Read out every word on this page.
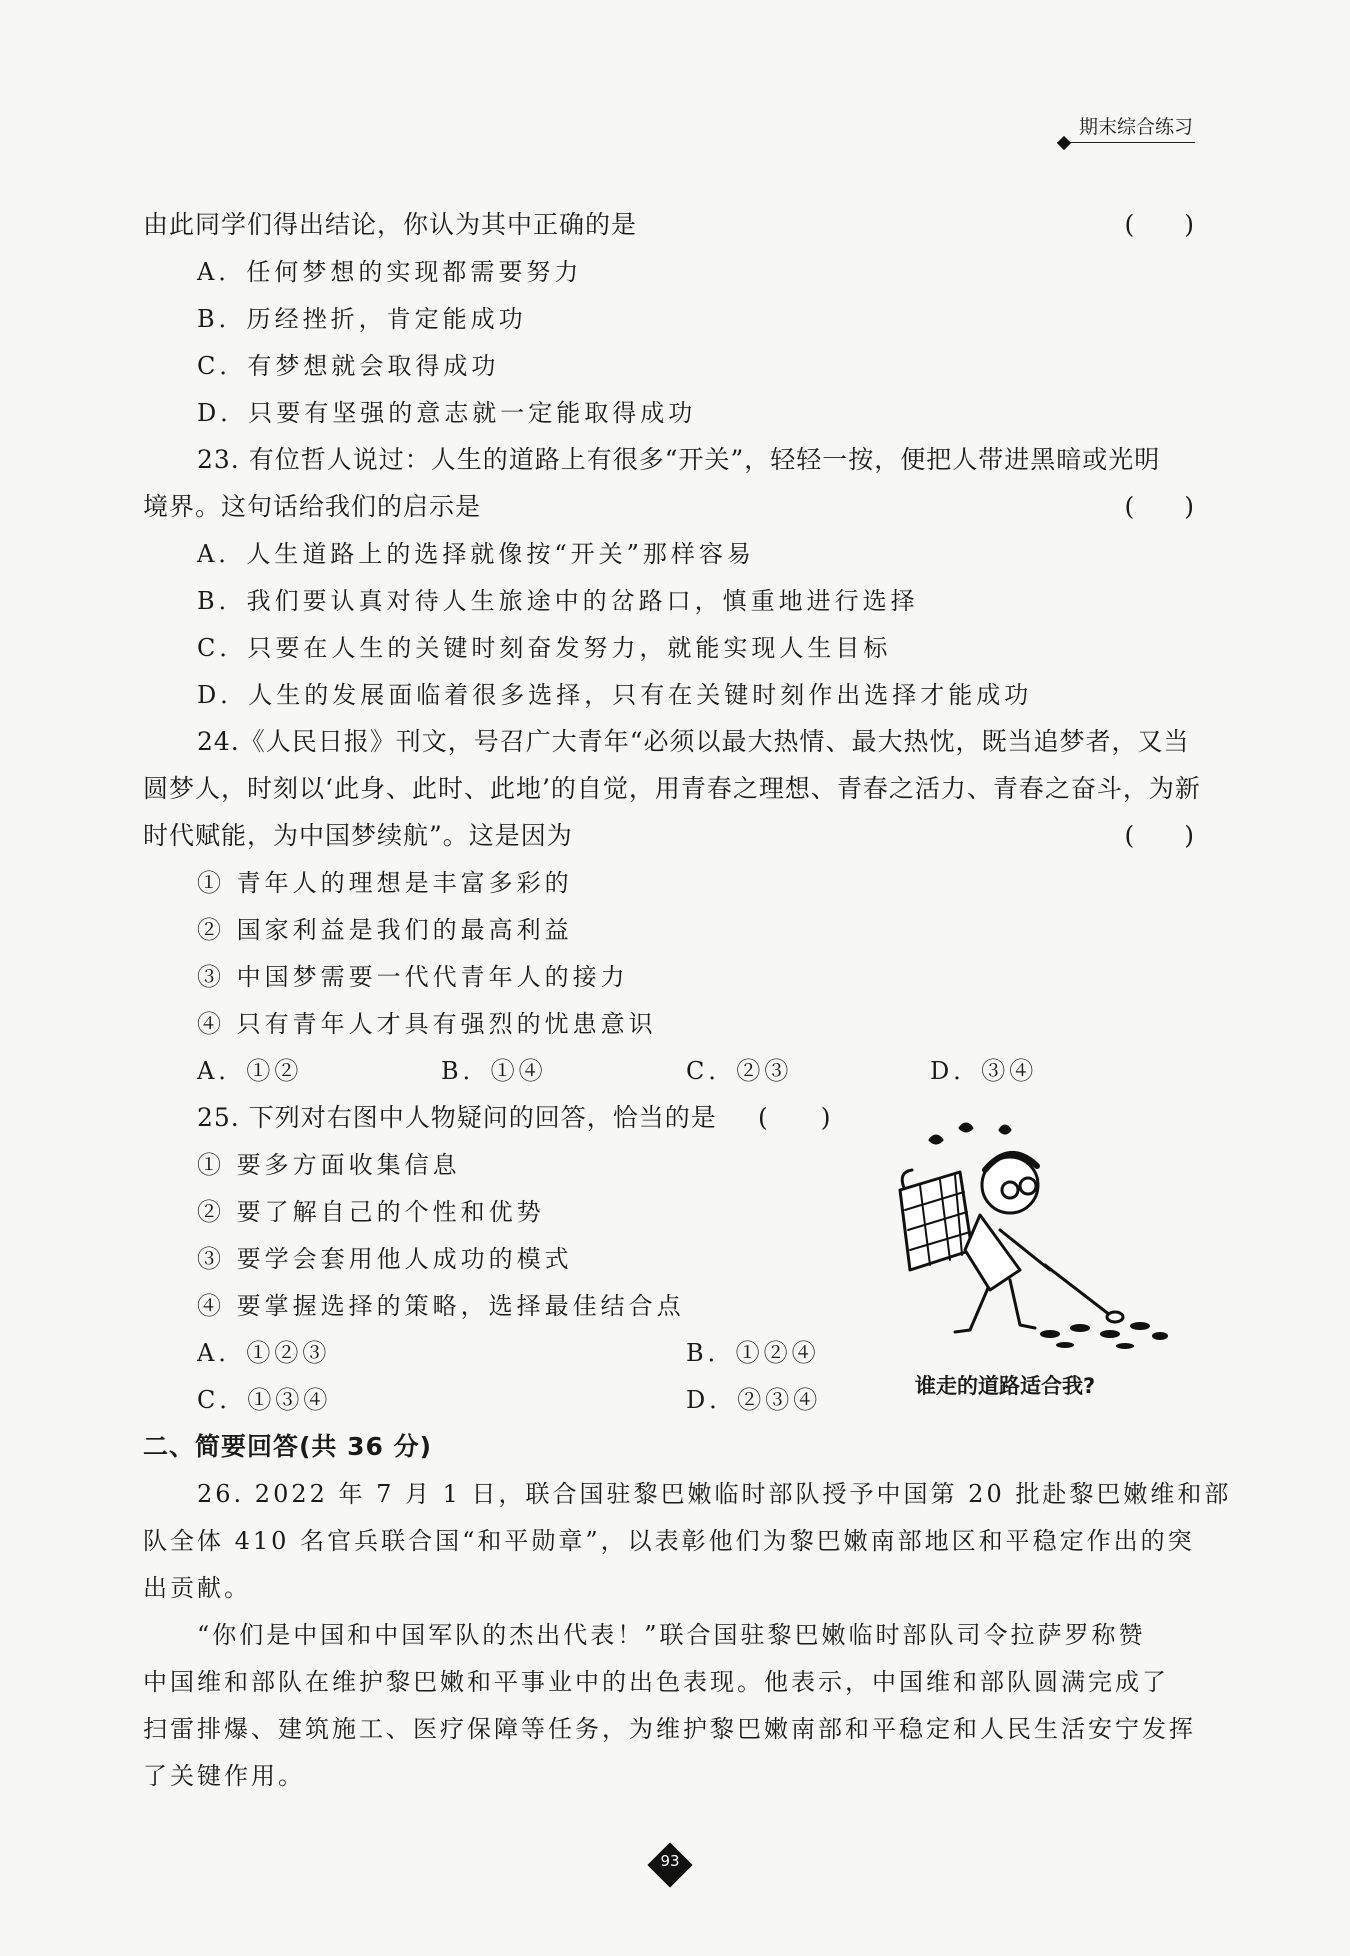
期末综合练习
由此同学们得出结论，你认为其中正确的是	(　　)
A．任何梦想的实现都需要努力
B．历经挫折，肯定能成功
C．有梦想就会取得成功
D．只要有坚强的意志就一定能取得成功
23. 有位哲人说过：人生的道路上有很多“开关”，轻轻一按，便把人带进黑暗或光明
境界。这句话给我们的启示是	(　　)
A．人生道路上的选择就像按“开关”那样容易
B．我们要认真对待人生旅途中的岔路口，慎重地进行选择
C．只要在人生的关键时刻奋发努力，就能实现人生目标
D．人生的发展面临着很多选择，只有在关键时刻作出选择才能成功
24.《人民日报》刊文，号召广大青年“必须以最大热情、最大热忱，既当追梦者，又当
圆梦人，时刻以‘此身、此时、此地’的自觉，用青春之理想、青春之活力、青春之奋斗，为新
时代赋能，为中国梦续航”。这是因为	(　　)
① 青年人的理想是丰富多彩的
② 国家利益是我们的最高利益
③ 中国梦需要一代代青年人的接力
④ 只有青年人才具有强烈的忧患意识
A．①②	B．①④	C．②③	D．③④
25. 下列对右图中人物疑问的回答，恰当的是 (　　)
① 要多方面收集信息
② 要了解自己的个性和优势
③ 要学会套用他人成功的模式
④ 要掌握选择的策略，选择最佳结合点
A．①②③	B．①②④
C．①③④	D．②③④	谁走的道路适合我?
二、简要回答(共 36 分)
26. 2022 年 7 月 1 日，联合国驻黎巴嫩临时部队授予中国第 20 批赴黎巴嫩维和部
队全体 410 名官兵联合国“和平勋章”，以表彰他们为黎巴嫩南部地区和平稳定作出的突
出贡献。
“你们是中国和中国军队的杰出代表！”联合国驻黎巴嫩临时部队司令拉萨罗称赞
中国维和部队在维护黎巴嫩和平事业中的出色表现。他表示，中国维和部队圆满完成了
扫雷排爆、建筑施工、医疗保障等任务，为维护黎巴嫩南部和平稳定和人民生活安宁发挥
了关键作用。
93
